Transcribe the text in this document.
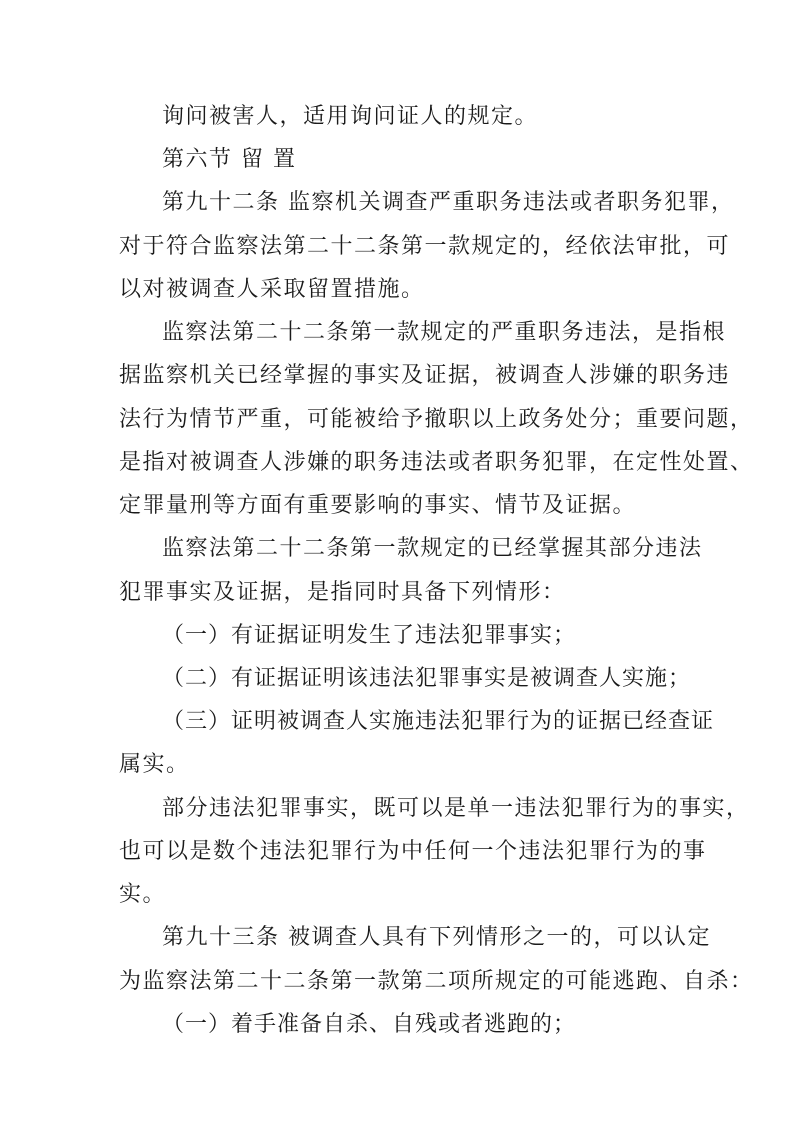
询问被害人，适用询问证人的规定。
第六节 留 置
第九十二条 监察机关调查严重职务违法或者职务犯罪，
对于符合监察法第二十二条第一款规定的，经依法审批，可
以对被调查人采取留置措施。
监察法第二十二条第一款规定的严重职务违法，是指根
据监察机关已经掌握的事实及证据，被调查人涉嫌的职务违
法行为情节严重，可能被给予撤职以上政务处分；重要问题，
是指对被调查人涉嫌的职务违法或者职务犯罪，在定性处置、
定罪量刑等方面有重要影响的事实、情节及证据。
监察法第二十二条第一款规定的已经掌握其部分违法
犯罪事实及证据，是指同时具备下列情形：
（一）有证据证明发生了违法犯罪事实；
（二）有证据证明该违法犯罪事实是被调查人实施；
（三）证明被调查人实施违法犯罪行为的证据已经查证
属实。
部分违法犯罪事实，既可以是单一违法犯罪行为的事实，
也可以是数个违法犯罪行为中任何一个违法犯罪行为的事
实。
第九十三条 被调查人具有下列情形之一的，可以认定
为监察法第二十二条第一款第二项所规定的可能逃跑、自杀：
（一）着手准备自杀、自残或者逃跑的；
